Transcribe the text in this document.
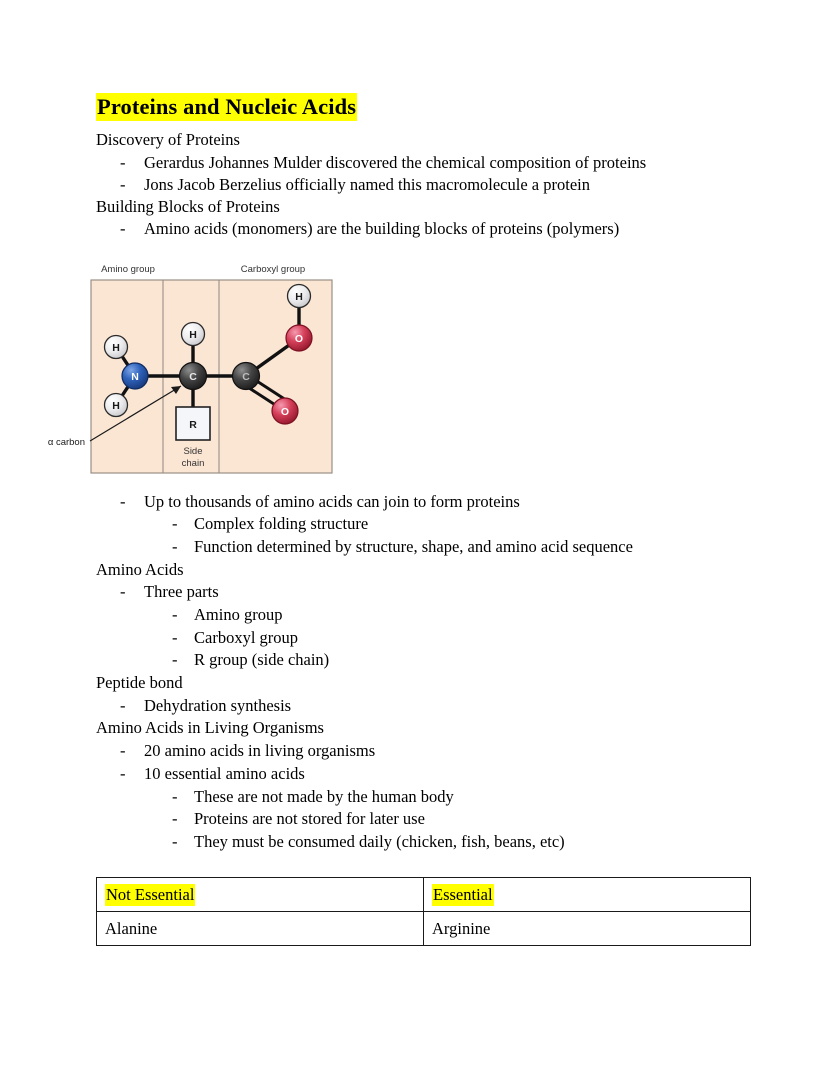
Proteins and Nucleic Acids
Discovery of Proteins
- Gerardus Johannes Mulder discovered the chemical composition of proteins
- Jons Jacob Berzelius officially named this macromolecule a protein
Building Blocks of Proteins
- Amino acids (monomers) are the building blocks of proteins (polymers)
Amino group	Carboxyl group
R
Side
chain
H
H
N
H
C	C
O
H
O
α carbon
- Up to thousands of amino acids can join to form proteins
- Complex folding structure
- Function determined by structure, shape, and amino acid sequence
Amino Acids
- Three parts
- Amino group
- Carboxyl group
- R group (side chain)
Peptide bond
- Dehydration synthesis
Amino Acids in Living Organisms
- 20 amino acids in living organisms
- 10 essential amino acids
- These are not made by the human body
- Proteins are not stored for later use
- They must be consumed daily (chicken, fish, beans, etc)
Not Essential	Essential
Alanine	Arginine
